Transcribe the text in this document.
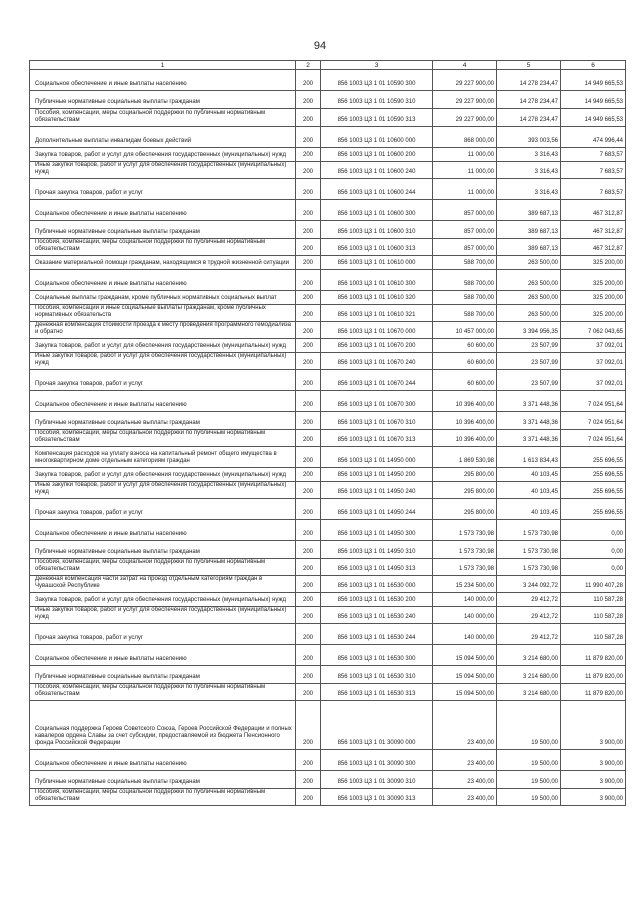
94
1	2	3	4	5	6
Социальное обеспечение и иные выплаты населению	200	856 1003 Ц3 1 01 10590 300	29 227 900,00	14 278 234,47	14 949 665,53
Публичные нормативные социальные выплаты гражданам	200	856 1003 Ц3 1 01 10590 310	29 227 900,00	14 278 234,47	14 949 665,53
Пособия, компенсации, меры социальной поддержки по публичным нормативным обязательствам	200	856 1003 Ц3 1 01 10590 313	29 227 900,00	14 278 234,47	14 949 665,53
Дополнительные выплаты инвалидам боевых действий	200	856 1003 Ц3 1 01 10600 000	868 000,00	393 003,56	474 996,44
Закупка товаров, работ и услуг для обеспечения государственных (муниципальных) нужд	200	856 1003 Ц3 1 01 10600 200	11 000,00	3 316,43	7 683,57
Иные закупки товаров, работ и услуг для обеспечения государственных (муниципальных) нужд	200	856 1003 Ц3 1 01 10600 240	11 000,00	3 316,43	7 683,57
Прочая закупка товаров, работ и услуг	200	856 1003 Ц3 1 01 10600 244	11 000,00	3 316,43	7 683,57
Социальное обеспечение и иные выплаты населению	200	856 1003 Ц3 1 01 10600 300	857 000,00	389 687,13	467 312,87
Публичные нормативные социальные выплаты гражданам	200	856 1003 Ц3 1 01 10600 310	857 000,00	389 687,13	467 312,87
Пособия, компенсации, меры социальной поддержки по публичным нормативным обязательствам	200	856 1003 Ц3 1 01 10600 313	857 000,00	389 687,13	467 312,87
Оказание материальной помощи гражданам, находящимся в трудной жизненной ситуации	200	856 1003 Ц3 1 01 10610 000	588 700,00	263 500,00	325 200,00
Социальное обеспечение и иные выплаты населению	200	856 1003 Ц3 1 01 10610 300	588 700,00	263 500,00	325 200,00
Социальные выплаты гражданам, кроме публичных нормативных социальных выплат	200	856 1003 Ц3 1 01 10610 320	588 700,00	263 500,00	325 200,00
Пособия, компенсации и иные социальные выплаты гражданам, кроме публичных нормативных обязательств	200	856 1003 Ц3 1 01 10610 321	588 700,00	263 500,00	325 200,00
Денежная компенсация стоимости проезда к месту проведения программного гемодиализа и обратно	200	856 1003 Ц3 1 01 10670 000	10 457 000,00	3 394 956,35	7 062 043,65
Закупка товаров, работ и услуг для обеспечения государственных (муниципальных) нужд	200	856 1003 Ц3 1 01 10670 200	60 600,00	23 507,99	37 092,01
Иные закупки товаров, работ и услуг для обеспечения государственных (муниципальных) нужд	200	856 1003 Ц3 1 01 10670 240	60 600,00	23 507,99	37 092,01
Прочая закупка товаров, работ и услуг	200	856 1003 Ц3 1 01 10670 244	60 600,00	23 507,99	37 092,01
Социальное обеспечение и иные выплаты населению	200	856 1003 Ц3 1 01 10670 300	10 396 400,00	3 371 448,36	7 024 951,64
Публичные нормативные социальные выплаты гражданам	200	856 1003 Ц3 1 01 10670 310	10 396 400,00	3 371 448,36	7 024 951,64
Пособия, компенсации, меры социальной поддержки по публичным нормативным обязательствам	200	856 1003 Ц3 1 01 10670 313	10 396 400,00	3 371 448,36	7 024 951,64
Компенсация расходов на уплату взноса на капитальный ремонт общего имущества в многоквартирном доме отдельным категориям граждан	200	856 1003 Ц3 1 01 14950 000	1 869 530,98	1 613 834,43	255 696,55
Закупка товаров, работ и услуг для обеспечения государственных (муниципальных) нужд	200	856 1003 Ц3 1 01 14950 200	295 800,00	40 103,45	255 696,55
Иные закупки товаров, работ и услуг для обеспечения государственных (муниципальных) нужд	200	856 1003 Ц3 1 01 14950 240	295 800,00	40 103,45	255 696,55
Прочая закупка товаров, работ и услуг	200	856 1003 Ц3 1 01 14950 244	295 800,00	40 103,45	255 696,55
Социальное обеспечение и иные выплаты населению	200	856 1003 Ц3 1 01 14950 300	1 573 730,98	1 573 730,98	0,00
Публичные нормативные социальные выплаты гражданам	200	856 1003 Ц3 1 01 14950 310	1 573 730,98	1 573 730,98	0,00
Пособия, компенсации, меры социальной поддержки по публичным нормативным обязательствам	200	856 1003 Ц3 1 01 14950 313	1 573 730,98	1 573 730,98	0,00
Денежная компенсация части затрат на проезд отдельным категориям граждан в Чувашской Республике	200	856 1003 Ц3 1 01 16530 000	15 234 500,00	3 244 092,72	11 990 407,28
Закупка товаров, работ и услуг для обеспечения государственных (муниципальных) нужд	200	856 1003 Ц3 1 01 16530 200	140 000,00	29 412,72	110 587,28
Иные закупки товаров, работ и услуг для обеспечения государственных (муниципальных) нужд	200	856 1003 Ц3 1 01 16530 240	140 000,00	29 412,72	110 587,28
Прочая закупка товаров, работ и услуг	200	856 1003 Ц3 1 01 16530 244	140 000,00	29 412,72	110 587,28
Социальное обеспечение и иные выплаты населению	200	856 1003 Ц3 1 01 16530 300	15 094 500,00	3 214 680,00	11 879 820,00
Публичные нормативные социальные выплаты гражданам	200	856 1003 Ц3 1 01 16530 310	15 094 500,00	3 214 680,00	11 879 820,00
Пособия, компенсации, меры социальной поддержки по публичным нормативным обязательствам	200	856 1003 Ц3 1 01 16530 313	15 094 500,00	3 214 680,00	11 879 820,00
Социальная поддержка Героев Советского Союза, Героев Российской Федерации и полных кавалеров ордена Славы за счет субсидии, предоставляемой из бюджета Пенсионного фонда Российской Федерации	200	856 1003 Ц3 1 01 30090 000	23 400,00	19 500,00	3 900,00
Социальное обеспечение и иные выплаты населению	200	856 1003 Ц3 1 01 30090 300	23 400,00	19 500,00	3 900,00
Публичные нормативные социальные выплаты гражданам	200	856 1003 Ц3 1 01 30090 310	23 400,00	19 500,00	3 900,00
Пособия, компенсации, меры социальной поддержки по публичным нормативным обязательствам	200	856 1003 Ц3 1 01 30090 313	23 400,00	19 500,00	3 900,00
